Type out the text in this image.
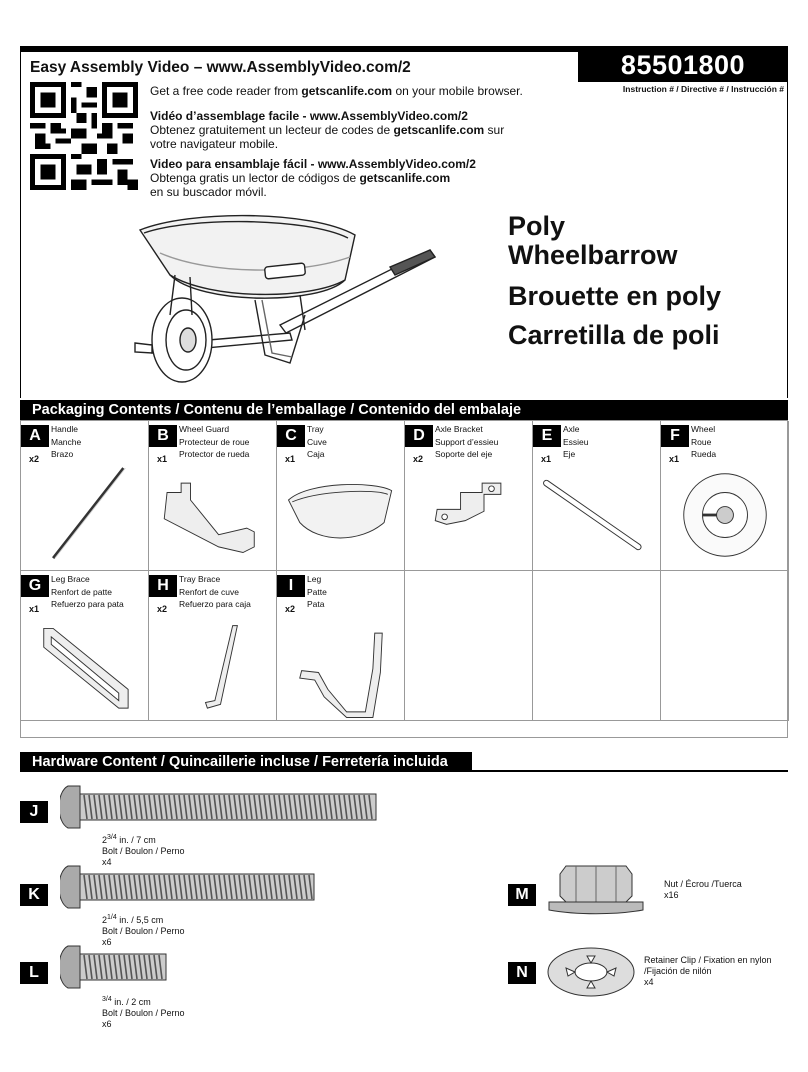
85501800
Instruction # / Directive # / Instrucción #
Easy Assembly Video – www.AssemblyVideo.com/2
Get a free code reader from getscanlife.com on your mobile browser.
Vidéo d’assemblage facile - www.AssemblyVideo.com/2
Obtenez gratuitement un lecteur de codes de getscanlife.com sur
votre navigateur mobile.
Video para ensamblaje fácil - www.AssemblyVideo.com/2
Obtenga gratis un lector de códigos de getscanlife.com
en su buscador móvil.
Poly
Wheelbarrow
Brouette en poly
Carretilla de poli
Packaging Contents / Contenu de l’emballage / Contenido del embalaje
A	Handle
Manche
Brazo
x2
B	Wheel Guard
Protecteur de roue
Protector de rueda
x1
C	Tray
Cuve
Caja
x1
D	Axle Bracket
Support d’essieu
Soporte del eje
x2
E	Axle
Essieu
Eje
x1
F	Wheel
Roue
Rueda
x1
G	Leg Brace
Renfort de patte
Refuerzo para pata
x1
H	Tray Brace
Renfort de cuve
Refuerzo para caja
x2
I	Leg
Patte
Pata
x2
Hardware Content / Quincaillerie incluse / Ferretería incluida
J
$2^{3/4}$ in. / 7 cm
Bolt / Boulon / Perno
x4
K
$2^{1/4}$ in. / 5,5 cm
Bolt / Boulon / Perno
x6
L
$^{3/4}$ in. / 2 cm
Bolt / Boulon / Perno
x6
M
Nut / Écrou /Tuerca
x16
N
Retainer Clip / Fixation en nylon
/Fijación de nilón
x4
